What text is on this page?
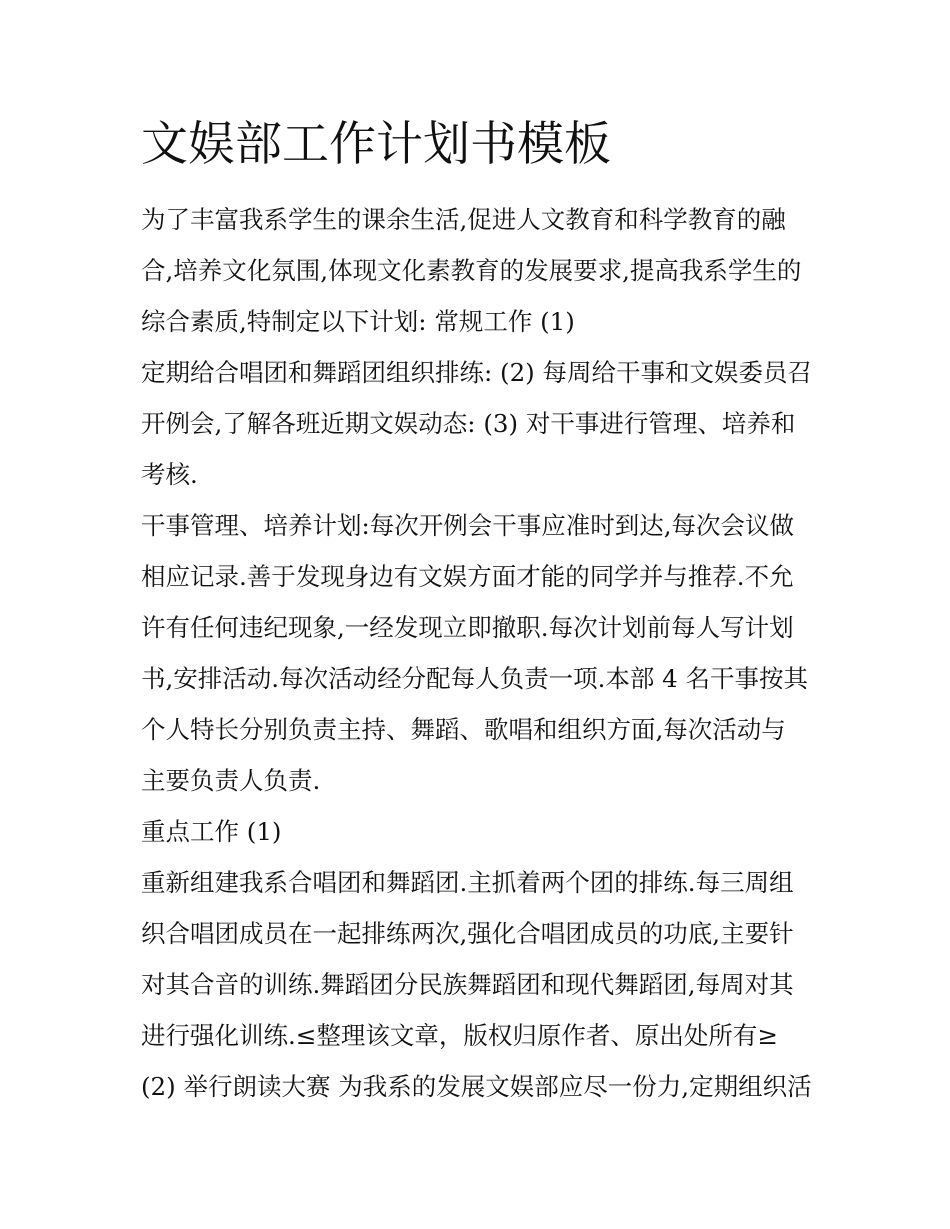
文娱部工作计划书模板

为了丰富我系学生的课余生活,促进人文教育和科学教育的融

合,培养文化氛围,体现文化素教育的发展要求,提高我系学生的

综合素质,特制定以下计划: 常规工作 (1)

定期给合唱团和舞蹈团组织排练: (2) 每周给干事和文娱委员召

开例会,了解各班近期文娱动态: (3) 对干事进行管理、培养和

考核.

干事管理、培养计划:每次开例会干事应准时到达,每次会议做

相应记录.善于发现身边有文娱方面才能的同学并与推荐.不允

许有任何违纪现象,一经发现立即撤职.每次计划前每人写计划

书,安排活动.每次活动经分配每人负责一项.本部 4 名干事按其

个人特长分别负责主持、舞蹈、歌唱和组织方面,每次活动与

主要负责人负责.

重点工作 (1)

重新组建我系合唱团和舞蹈团.主抓着两个团的排练.每三周组

织合唱团成员在一起排练两次,强化合唱团成员的功底,主要针

对其合音的训练.舞蹈团分民族舞蹈团和现代舞蹈团,每周对其

进行强化训练.≤整理该文章，版权归原作者、原出处所有≥

(2) 举行朗读大赛 为我系的发展文娱部应尽一份力,定期组织活
